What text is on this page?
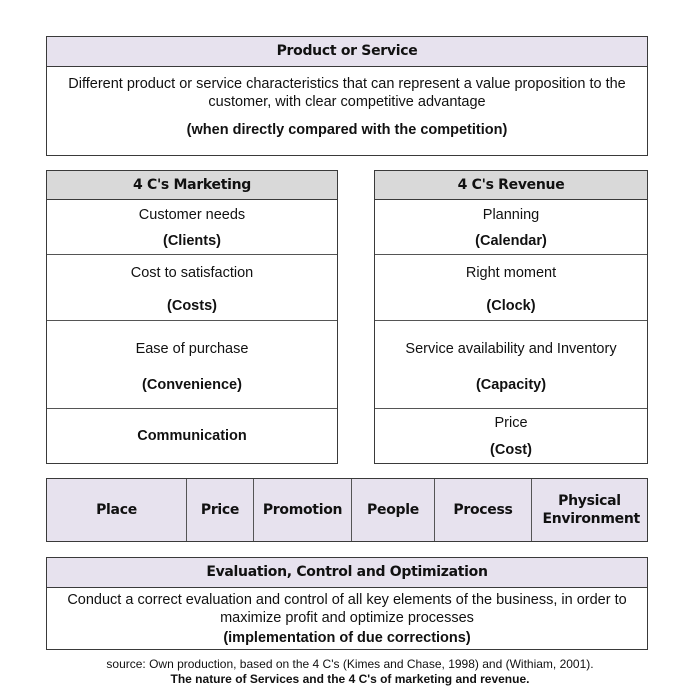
Product or Service
Different product or service characteristics that can represent a value proposition to the customer, with clear competitive advantage
(when directly compared with the competition)
4 C's Marketing
Customer needs
(Clients)
Cost to satisfaction
(Costs)
Ease of purchase
(Convenience)
Communication
4 C's Revenue
Planning
(Calendar)
Right moment
(Clock)
Service availability and Inventory
(Capacity)
Price
(Cost)
Place	Price Promotion People Process
Physical Environment
Evaluation, Control and Optimization
Conduct a correct evaluation and control of all key elements of the business, in order to maximize profit and optimize processes
(implementation of due corrections)
source: Own production, based on the 4 C's (Kimes and Chase, 1998) and (Withiam, 2001).
The nature of Services and the 4 C's of marketing and revenue.
